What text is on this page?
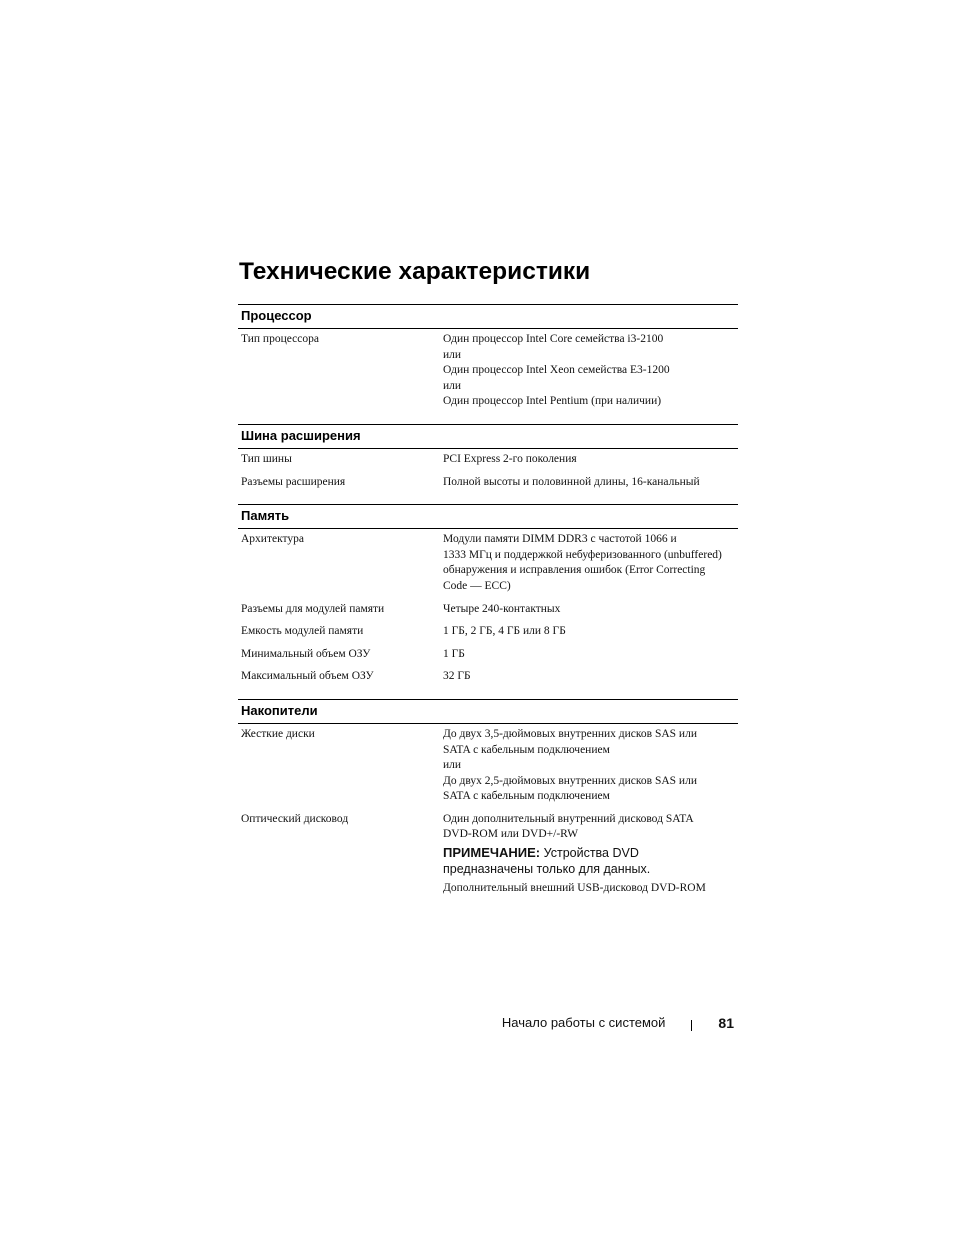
Технические характеристики
Процессор
Тип процессора	Один процессор Intel Core семейства i3-2100
или
Один процессор Intel Xeon семейства E3-1200
или
Один процессор Intel Pentium (при наличии)
Шина расширения
Тип шины	PCI Express 2-го поколения
Разъемы расширения	Полной высоты и половинной длины, 16-канальный
Память
Архитектура	Модули памяти DIMM DDR3 с частотой 1066 и
1333 МГц и поддержкой небуферизованного (unbuffered)
обнаружения и исправления ошибок (Error Correcting
Code — ECC)
Разъемы для модулей памяти	Четыре 240-контактных
Емкость модулей памяти	1 ГБ, 2 ГБ, 4 ГБ или 8 ГБ
Минимальный объем ОЗУ	1 ГБ
Максимальный объем ОЗУ	32 ГБ
Накопители
Жесткие диски	До двух 3,5-дюймовых внутренних дисков SAS или
SATA с кабельным подключением
или
До двух 2,5-дюймовых внутренних дисков SAS или
SATA с кабельным подключением
Оптический дисковод	Один дополнительный внутренний дисковод SATA
DVD-ROM или DVD+/-RW
ПРИМЕЧАНИЕ: Устройства DVD
предназначены только для данных.
Дополнительный внешний USB-дисковод DVD-ROM
Начало работы с системой	81
